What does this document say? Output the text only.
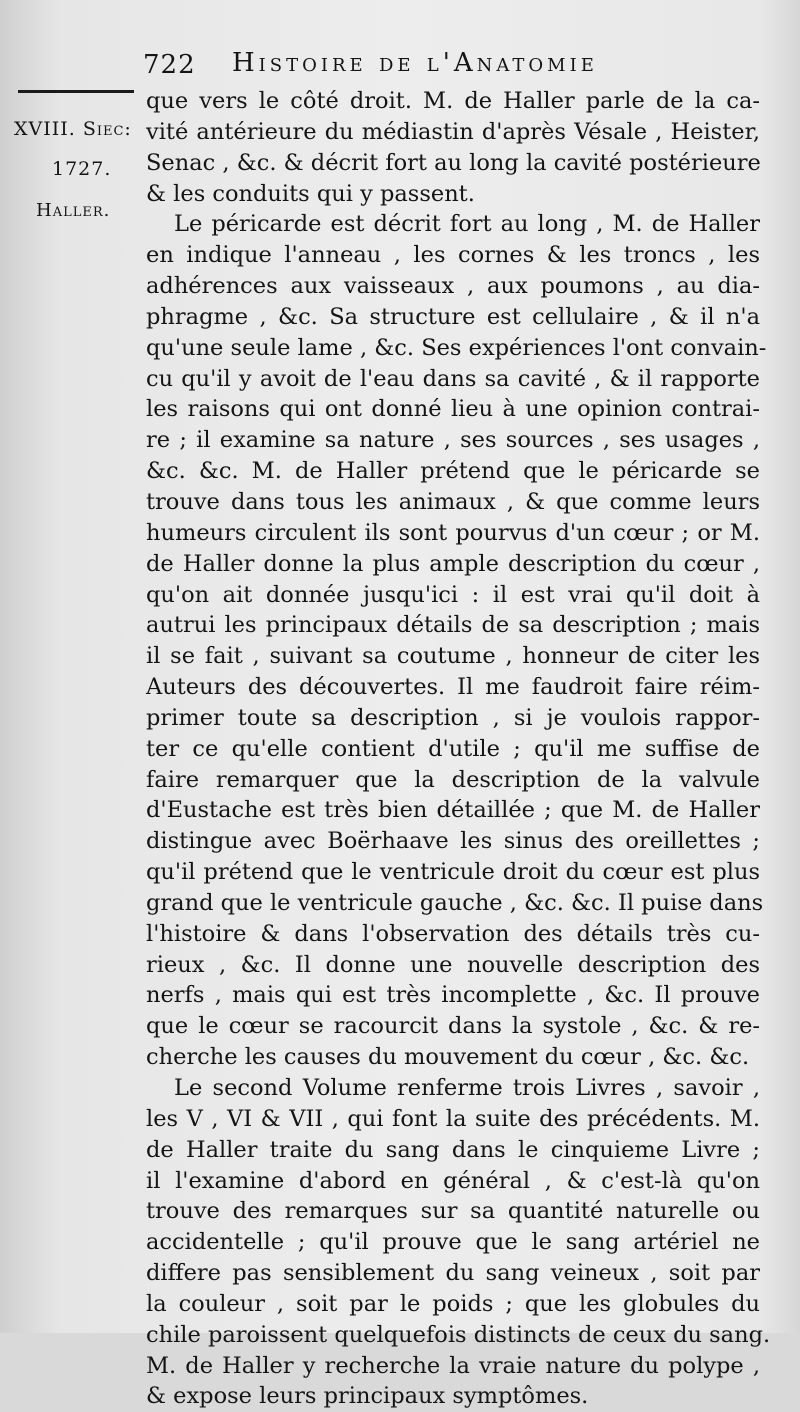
722 Histoire de l'Anatomie
XVIII. Siec:
1727.
Haller.
que vers le côté droit. M. de Haller parle de la ca-
vité antérieure du médiastin d'après Vésale , Heister,
Senac , &c. & décrit fort au long la cavité postérieure
& les conduits qui y passent.
Le péricarde est décrit fort au long , M. de Haller
en indique l'anneau , les cornes & les troncs , les
adhérences aux vaisseaux , aux poumons , au dia-
phragme , &c. Sa structure est cellulaire , & il n'a
qu'une seule lame , &c. Ses expériences l'ont convain-
cu qu'il y avoit de l'eau dans sa cavité , & il rapporte
les raisons qui ont donné lieu à une opinion contrai-
re ; il examine sa nature , ses sources , ses usages ,
&c. &c. M. de Haller prétend que le péricarde se
trouve dans tous les animaux , & que comme leurs
humeurs circulent ils sont pourvus d'un cœur ; or M.
de Haller donne la plus ample description du cœur ,
qu'on ait donnée jusqu'ici : il est vrai qu'il doit à
autrui les principaux détails de sa description ; mais
il se fait , suivant sa coutume , honneur de citer les
Auteurs des découvertes. Il me faudroit faire réim-
primer toute sa description , si je voulois rappor-
ter ce qu'elle contient d'utile ; qu'il me suffise de
faire remarquer que la description de la valvule
d'Eustache est très bien détaillée ; que M. de Haller
distingue avec Boërhaave les sinus des oreillettes ;
qu'il prétend que le ventricule droit du cœur est plus
grand que le ventricule gauche , &c. &c. Il puise dans
l'histoire & dans l'observation des détails très cu-
rieux , &c. Il donne une nouvelle description des
nerfs , mais qui est très incomplette , &c. Il prouve
que le cœur se racourcit dans la systole , &c. & re-
cherche les causes du mouvement du cœur , &c. &c.
Le second Volume renferme trois Livres , savoir ,
les V , VI & VII , qui font la suite des précédents. M.
de Haller traite du sang dans le cinquieme Livre ;
il l'examine d'abord en général , & c'est-là qu'on
trouve des remarques sur sa quantité naturelle ou
accidentelle ; qu'il prouve que le sang artériel ne
differe pas sensiblement du sang veineux , soit par
la couleur , soit par le poids ; que les globules du
chile paroissent quelquefois distincts de ceux du sang.
M. de Haller y recherche la vraie nature du polype ,
& expose leurs principaux symptômes.
